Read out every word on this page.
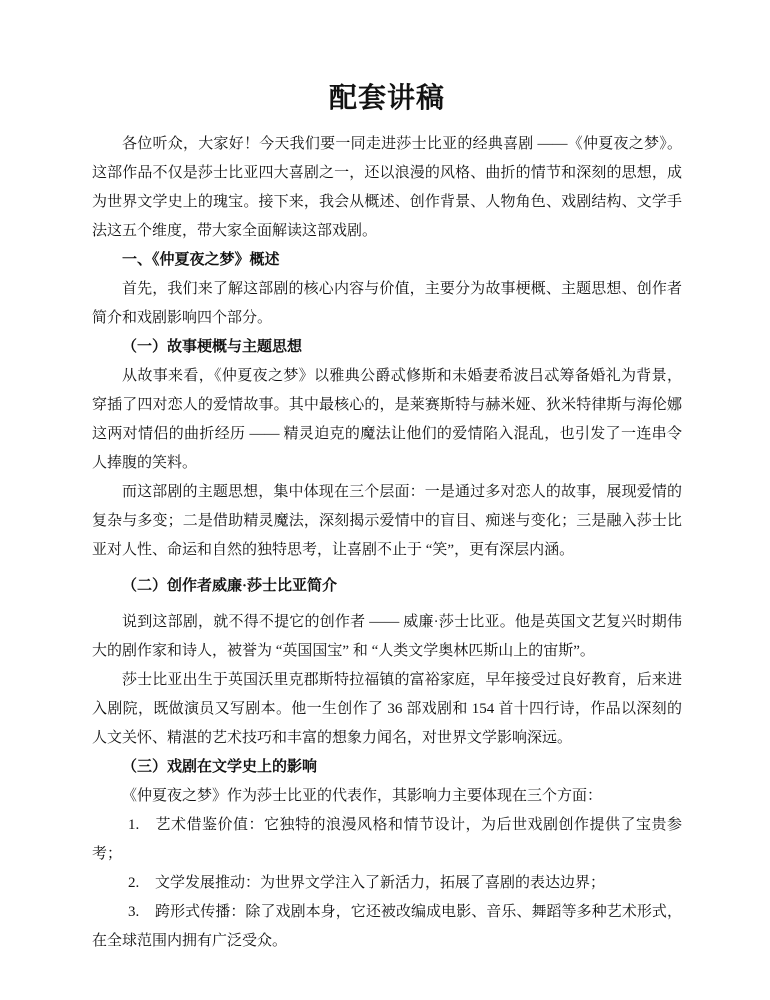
配套讲稿

各位听众，大家好！今天我们要一同走进莎士比亚的经典喜剧 ——《仲夏夜之梦》。这部作品不仅是莎士比亚四大喜剧之一，还以浪漫的风格、曲折的情节和深刻的思想，成为世界文学史上的瑰宝。接下来，我会从概述、创作背景、人物角色、戏剧结构、文学手法这五个维度，带大家全面解读这部戏剧。

一、《仲夏夜之梦》概述

首先，我们来了解这部剧的核心内容与价值，主要分为故事梗概、主题思想、创作者简介和戏剧影响四个部分。

（一）故事梗概与主题思想

从故事来看，《仲夏夜之梦》以雅典公爵忒修斯和未婚妻希波吕忒筹备婚礼为背景，穿插了四对恋人的爱情故事。其中最核心的，是莱赛斯特与赫米娅、狄米特律斯与海伦娜这两对情侣的曲折经历 —— 精灵迫克的魔法让他们的爱情陷入混乱，也引发了一连串令人捧腹的笑料。

而这部剧的主题思想，集中体现在三个层面：一是通过多对恋人的故事，展现爱情的复杂与多变；二是借助精灵魔法，深刻揭示爱情中的盲目、痴迷与变化；三是融入莎士比亚对人性、命运和自然的独特思考，让喜剧不止于 “笑”，更有深层内涵。

（二）创作者威廉·莎士比亚简介

说到这部剧，就不得不提它的创作者 —— 威廉·莎士比亚。他是英国文艺复兴时期伟大的剧作家和诗人，被誉为 “英国国宝” 和 “人类文学奥林匹斯山上的宙斯”。

莎士比亚出生于英国沃里克郡斯特拉福镇的富裕家庭，早年接受过良好教育，后来进入剧院，既做演员又写剧本。他一生创作了 36 部戏剧和 154 首十四行诗，作品以深刻的人文关怀、精湛的艺术技巧和丰富的想象力闻名，对世界文学影响深远。

（三）戏剧在文学史上的影响

《仲夏夜之梦》作为莎士比亚的代表作，其影响力主要体现在三个方面：

1. 艺术借鉴价值：它独特的浪漫风格和情节设计，为后世戏剧创作提供了宝贵参考；

2. 文学发展推动：为世界文学注入了新活力，拓展了喜剧的表达边界；

3. 跨形式传播：除了戏剧本身，它还被改编成电影、音乐、舞蹈等多种艺术形式，在全球范围内拥有广泛受众。
